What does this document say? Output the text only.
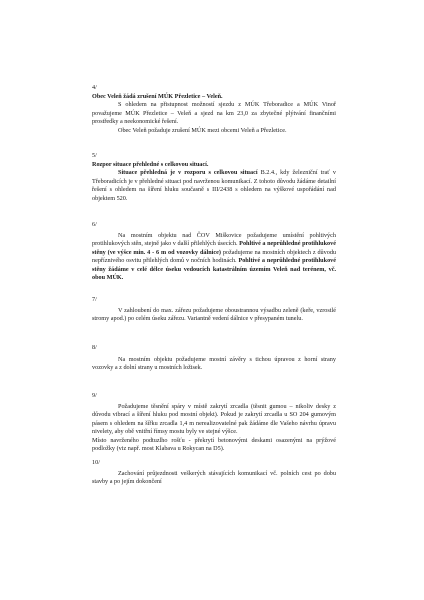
4/

Obec Veleň žádá zrušení MÚK Přezletice – Veleň.

S ohledem na přistupnost možností sjezdu z MÚK Třeboradice a MÚK Vinoř považujeme MÚK Přezletice – Veleň a sjezd na km 23,0 za zbytečné plýtvání finančními prostředky a neekonomické řešení.

Obec Veleň požaduje zrušení MÚK mezi obcemi Veleň a Přezletice.

5/

Rozpor situace přehledné s celkovou situací.

Situace přehledná je v rozporu s celkovou situací B.2.4., kdy železniční trať v Třeboradicích je v přehledné situaci pod navrženou komunikací. Z tohoto důvodu žádáme detailní řešení s ohledem na šíření hluku současně s III/2438 s ohledem na výškové uspořádání nad objektem 520.

6/

Na mostním objektu nad ČOV Miškovice požadujeme umístění pohltivých protihlukových stěn, stejně jako v další přilehlých úsecích. Pohltivé a neprůhledné protihlukové stěny (ve výšce min. 4 - 6 m od vozovky dálnice) požadujeme na mostních objektech z důvodu nepříznivého osvitu přilehlých domů v nočních hodinách. Pohltivé a neprůhledné protihlukové stěny žádáme v celé délce úseku vedoucích katastrálním územím Veleň nad terénem, vč. obou MÚK.

7/

V zahloubení do max. zářezu požadujeme oboustrannou výsadbu zeleně (keře, vzrostlé stromy apod.) po celém úseku zářezu. Variantně vedení dálnice v přesypaném tunelu.

8/

Na mostním objektu požadujeme mostní závěry s tichou úpravou z horní strany vozovky a z dolní strany u mostních ložisek.

9/

Požadujeme těsnění spáry v místě zakrytí zrcadla (těsnit gumou – nikoliv desky z důvodu vibrací a šíření hluku pod mostní objekt). Pokud je zakrytí zrcadla u SO 204 gumovým pásem s ohledem na šířku zrcadla 1,4 m nerealizovatelné pak žádáme dle Vašeho návrhu úpravu nivelety, aby obě vnitřní římsy mostu byly ve stejné výšce.

Místo navrženého podtuzlho rošťu - překrytí betonovými deskami osazenými na prýžové podložky (viz např. most Klabava u Rokycan na D5).

10/

Zachování průjezdnosti veškerých stávajících komunikací vč. polních cest po dobu stavby a po jejím dokončení
